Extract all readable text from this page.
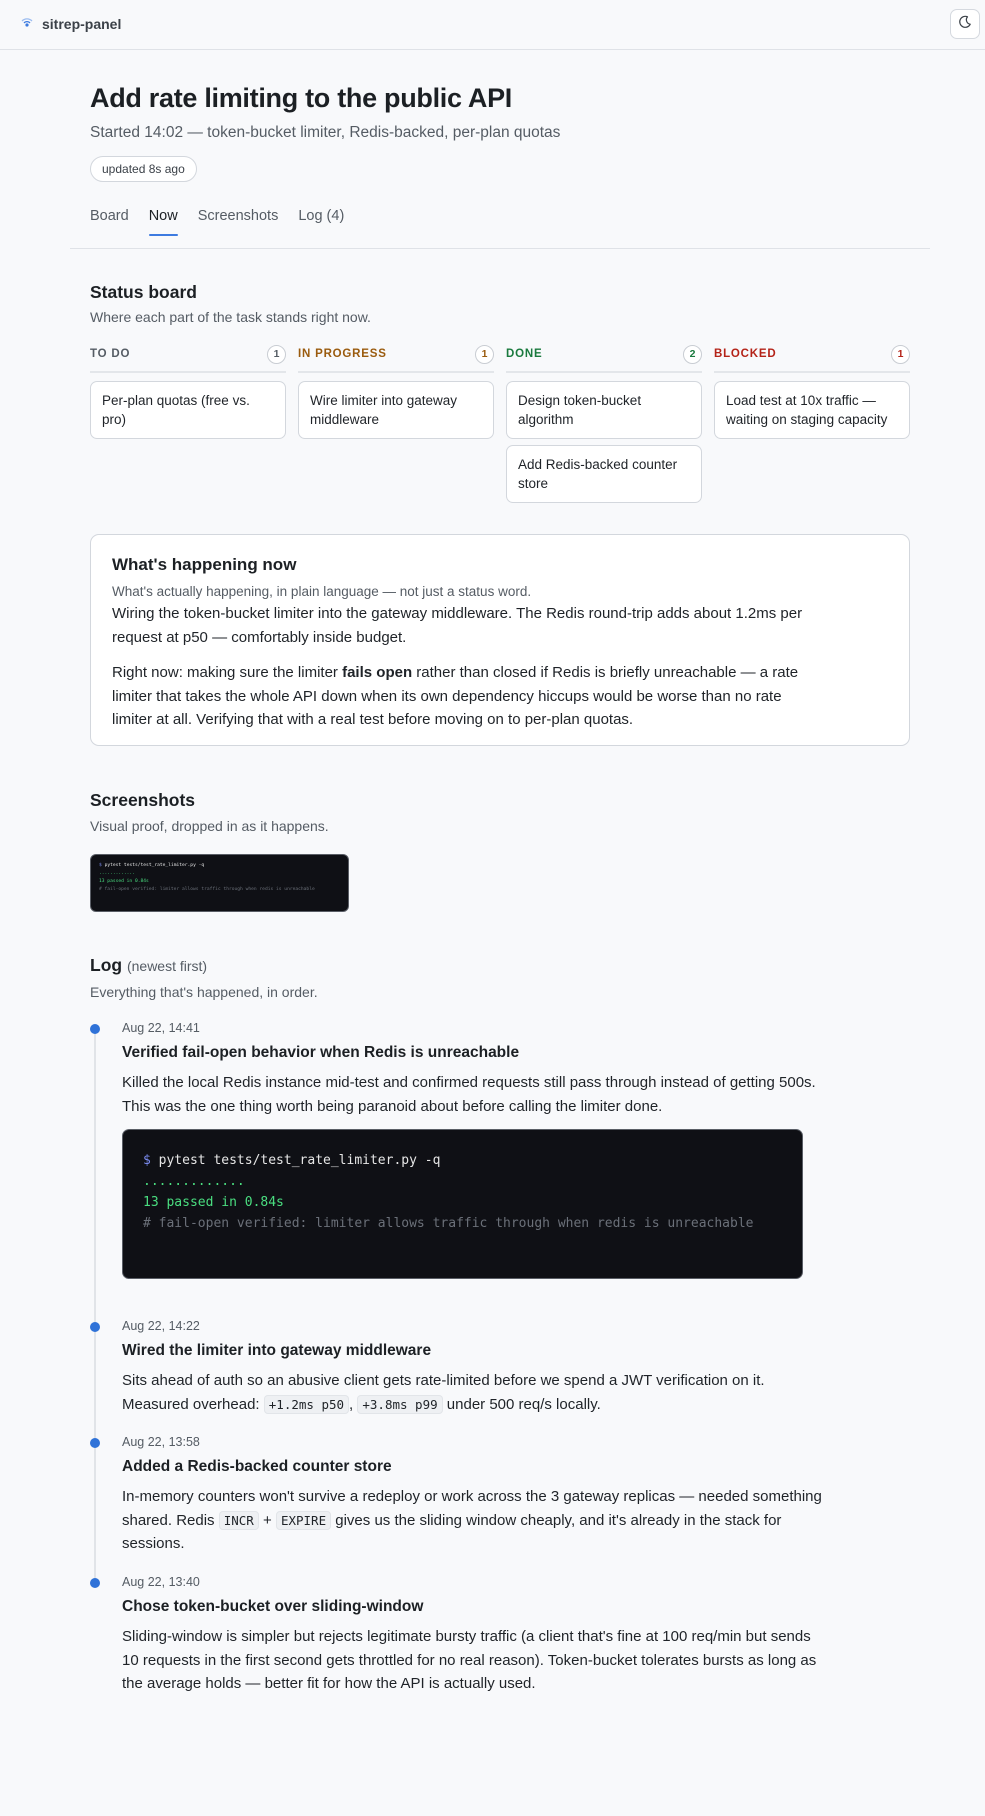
sitrep-panel
Add rate limiting to the public API
Started 14:02 — token-bucket limiter, Redis-backed, per-plan quotas
updated 8s ago
Board Now Screenshots Log (4)
Status board
Where each part of the task stands right now.
TO DO	1
Per-plan quotas (free vs. pro)
IN PROGRESS	1
Wire limiter into gateway middleware
DONE	2
Design token-bucket algorithm
Add Redis-backed counter store
BLOCKED	1
Load test at 10x traffic — waiting on staging capacity
What's happening now
What's actually happening, in plain language — not just a status word.
Wiring the token-bucket limiter into the gateway middleware. The Redis round-trip adds about 1.2ms per request at p50 — comfortably inside budget.
Right now: making sure the limiter fails open rather than closed if Redis is briefly unreachable — a rate limiter that takes the whole API down when its own dependency hiccups would be worse than no rate limiter at all. Verifying that with a real test before moving on to per-plan quotas.
Screenshots
Visual proof, dropped in as it happens.
$ pytest tests/test_rate_limiter.py -q
.............
13 passed in 0.84s
# fail-open verified: limiter allows traffic through when redis is unreachable
Log (newest first)
Everything that's happened, in order.
Aug 22, 14:41
Verified fail-open behavior when Redis is unreachable
Killed the local Redis instance mid-test and confirmed requests still pass through instead of getting 500s. This was the one thing worth being paranoid about before calling the limiter done.
$ pytest tests/test_rate_limiter.py -q
.............
13 passed in 0.84s
# fail-open verified: limiter allows traffic through when redis is unreachable
Aug 22, 14:22
Wired the limiter into gateway middleware
Sits ahead of auth so an abusive client gets rate-limited before we spend a JWT verification on it. Measured overhead: +1.2ms p50 , +3.8ms p99 under 500 req/s locally.
Aug 22, 13:58
Added a Redis-backed counter store
In-memory counters won't survive a redeploy or work across the 3 gateway replicas — needed something shared. Redis INCR + EXPIRE gives us the sliding window cheaply, and it's already in the stack for sessions.
Aug 22, 13:40
Chose token-bucket over sliding-window
Sliding-window is simpler but rejects legitimate bursty traffic (a client that's fine at 100 req/min but sends 10 requests in the first second gets throttled for no real reason). Token-bucket tolerates bursts as long as the average holds — better fit for how the API is actually used.
